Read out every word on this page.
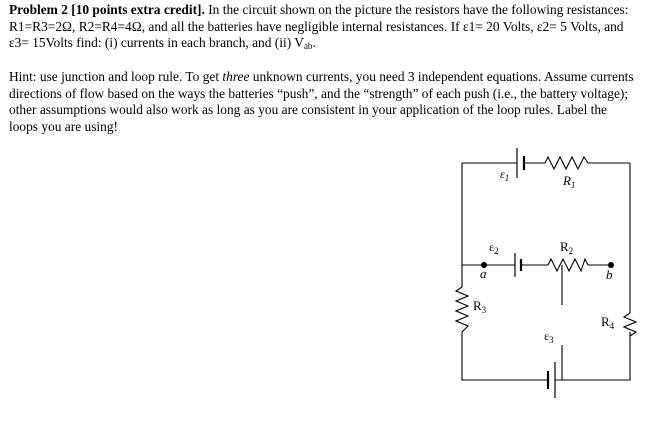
Problem 2 [10 points extra credit]. In the circuit shown on the picture the resistors have the following resistances: R1=R3=2Ω, R2=R4=4Ω, and all the batteries have negligible internal resistances. If ε1= 20 Volts, ε2= 5 Volts, and ε3= 15Volts find: (i) currents in each branch, and (ii) $V_{ab}$.
Hint: use junction and loop rule. To get three unknown currents, you need 3 independent equations. Assume currents directions of flow based on the ways the batteries “push”, and the “strength” of each push (i.e., the battery voltage); other assumptions would also work as long as you are consistent in your application of the loop rules. Label the loops you are using!
$\varepsilon_1$	$R_1$
$\varepsilon_2$	$R_2$
a	b
$R_3$
$R_4$
$\varepsilon_3$
